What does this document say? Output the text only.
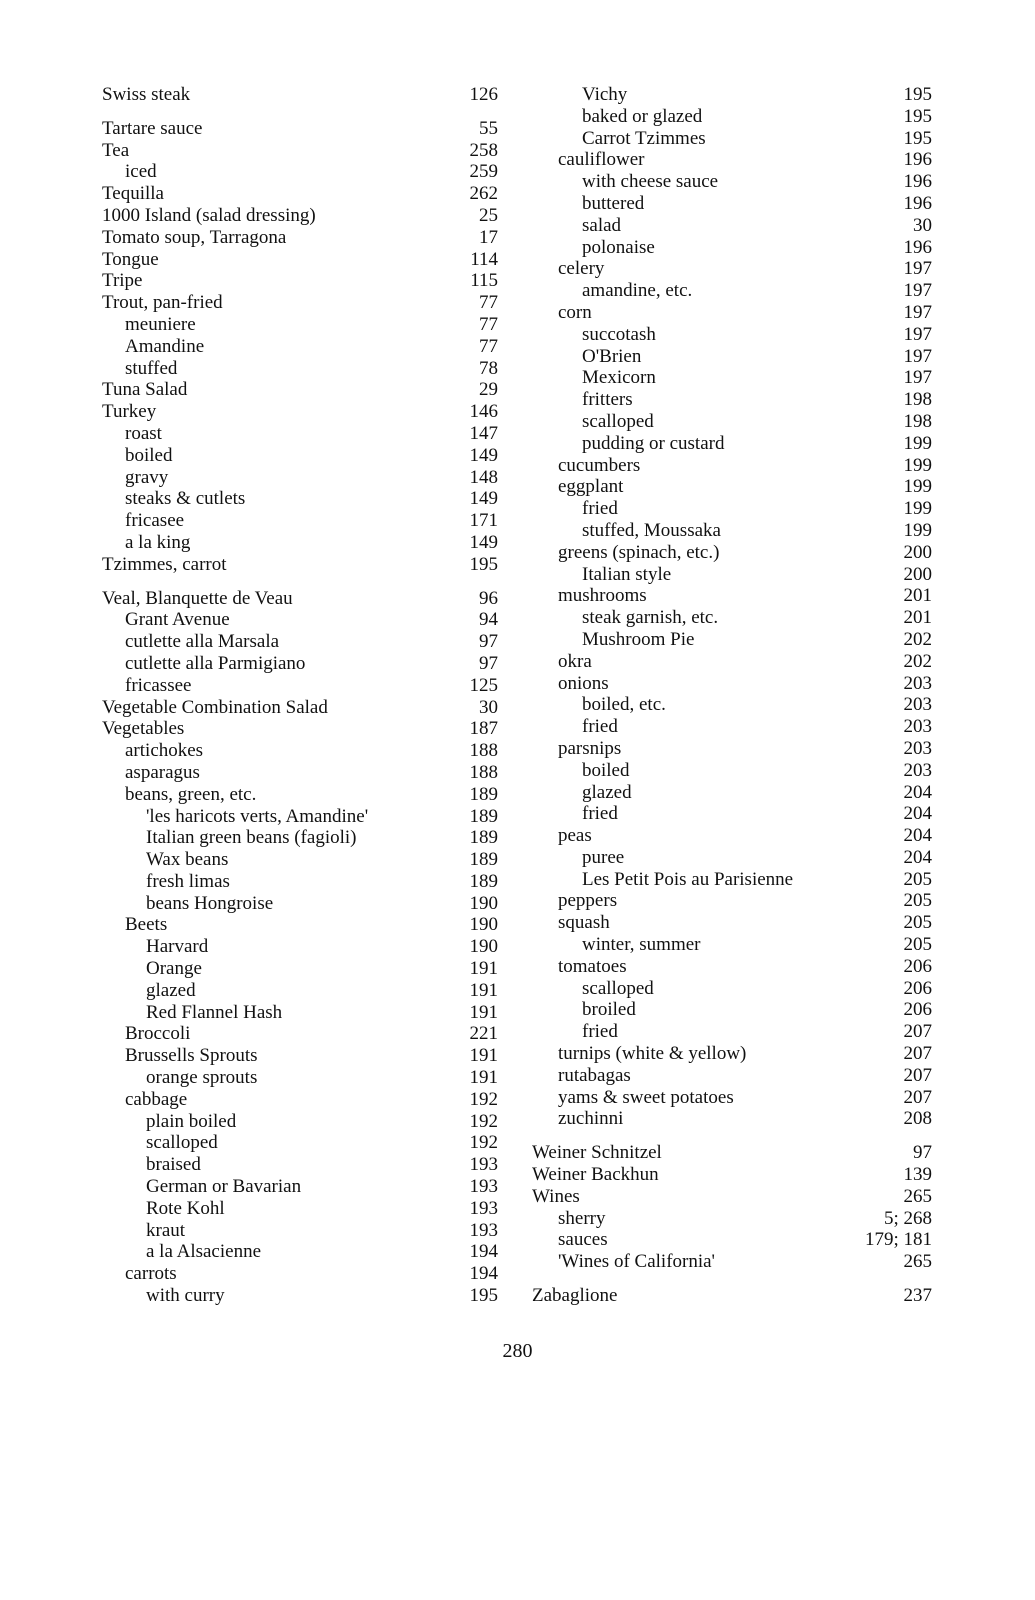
Swiss steak	126
Tartare sauce	55
Tea	258
iced	259
Tequilla	262
1000 Island (salad dressing)	25
Tomato soup, Tarragona	17
Tongue	114
Tripe	115
Trout, pan-fried	77
meuniere	77
Amandine	77
stuffed	78
Tuna Salad	29
Turkey	146
roast	147
boiled	149
gravy	148
steaks & cutlets	149
fricasee	171
a la king	149
Tzimmes, carrot	195
Veal, Blanquette de Veau	96
Grant Avenue	94
cutlette alla Marsala	97
cutlette alla Parmigiano	97
fricassee	125
Vegetable Combination Salad	30
Vegetables	187
artichokes	188
asparagus	188
beans, green, etc.	189
'les haricots verts, Amandine'	189
Italian green beans (fagioli)	189
Wax beans	189
fresh limas	189
beans Hongroise	190
Beets	190
Harvard	190
Orange	191
glazed	191
Red Flannel Hash	191
Broccoli	221
Brussells Sprouts	191
orange sprouts	191
cabbage	192
plain boiled	192
scalloped	192
braised	193
German or Bavarian	193
Rote Kohl	193
kraut	193
a la Alsacienne	194
carrots	194
with curry	195
Vichy	195
baked or glazed	195
Carrot Tzimmes	195
cauliflower	196
with cheese sauce	196
buttered	196
salad	30
polonaise	196
celery	197
amandine, etc.	197
corn	197
succotash	197
O'Brien	197
Mexicorn	197
fritters	198
scalloped	198
pudding or custard	199
cucumbers	199
eggplant	199
fried	199
stuffed, Moussaka	199
greens (spinach, etc.)	200
Italian style	200
mushrooms	201
steak garnish, etc.	201
Mushroom Pie	202
okra	202
onions	203
boiled, etc.	203
fried	203
parsnips	203
boiled	203
glazed	204
fried	204
peas	204
puree	204
Les Petit Pois au Parisienne	205
peppers	205
squash	205
winter, summer	205
tomatoes	206
scalloped	206
broiled	206
fried	207
turnips (white & yellow)	207
rutabagas	207
yams & sweet potatoes	207
zuchinni	208
Weiner Schnitzel	97
Weiner Backhun	139
Wines	265
sherry	5; 268
sauces	179; 181
'Wines of California'	265
Zabaglione	237
280
